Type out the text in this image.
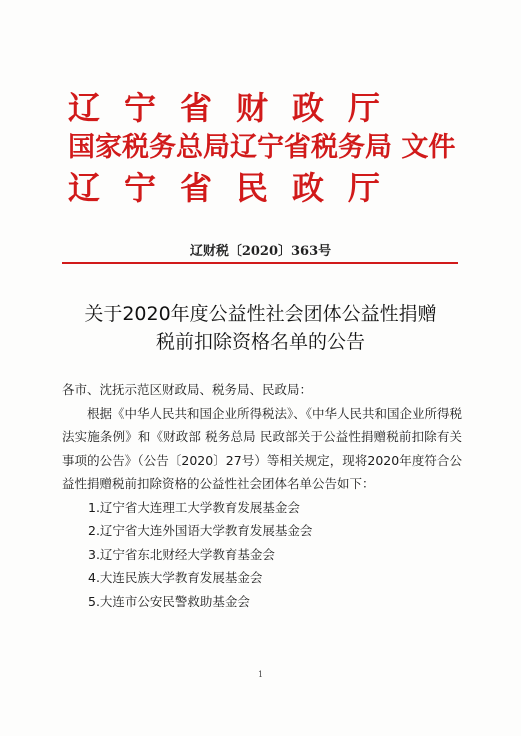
辽宁省财政厅
国家税务总局辽宁省税务局 文件
辽宁省民政厅
辽财税〔2020〕363号
关于2020年度公益性社会团体公益性捐赠
税前扣除资格名单的公告

各市、沈抚示范区财政局、税务局、民政局：

根据《中华人民共和国企业所得税法》、《中华人民共和国企业所得税法实施条例》和《财政部 税务总局 民政部关于公益性捐赠税前扣除有关事项的公告》（公告〔2020〕27号）等相关规定，现将2020年度符合公益性捐赠税前扣除资格的公益性社会团体名单公告如下：

1.辽宁省大连理工大学教育发展基金会
2.辽宁省大连外国语大学教育发展基金会
3.辽宁省东北财经大学教育基金会
4.大连民族大学教育发展基金会
5.大连市公安民警救助基金会
1
